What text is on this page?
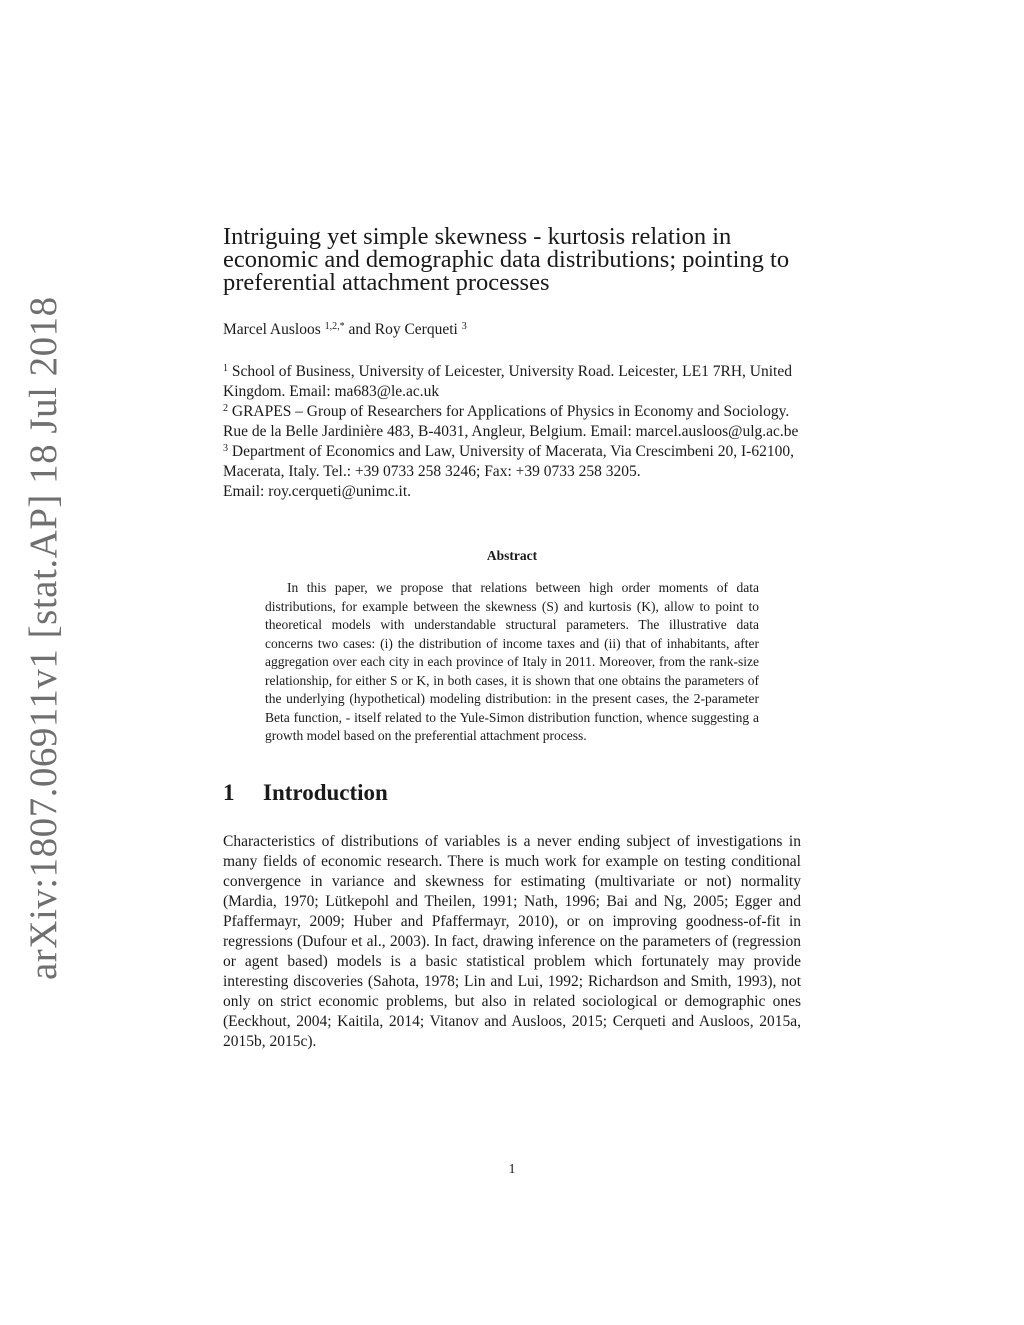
arXiv:1807.06911v1 [stat.AP] 18 Jul 2018
Intriguing yet simple skewness - kurtosis relation in economic and demographic data distributions; pointing to preferential attachment processes
Marcel Ausloos $^{1,2,*}$ and Roy Cerqueti $^3$

$^1$ School of Business, University of Leicester, University Road. Leicester, LE1 7RH, United Kingdom. Email: ma683@le.ac.uk

$^2$ GRAPES – Group of Researchers for Applications of Physics in Economy and Sociology. Rue de la Belle Jardinière 483, B-4031, Angleur, Belgium. Email: marcel.ausloos@ulg.ac.be

$^3$ Department of Economics and Law, University of Macerata, Via Crescimbeni 20, I-62100, Macerata, Italy. Tel.: +39 0733 258 3246; Fax: +39 0733 258 3205.

Email: roy.cerqueti@unimc.it.

Abstract
In this paper, we propose that relations between high order moments of data distributions, for example between the skewness (S) and kurtosis (K), allow to point to theoretical models with understandable structural parameters. The illustrative data concerns two cases: (i) the distribution of income taxes and (ii) that of inhabitants, after aggregation over each city in each province of Italy in 2011. Moreover, from the rank-size relationship, for either S or K, in both cases, it is shown that one obtains the parameters of the underlying (hypothetical) modeling distribution: in the present cases, the 2-parameter Beta function, - itself related to the Yule-Simon distribution function, whence suggesting a growth model based on the preferential attachment process.
1 Introduction
Characteristics of distributions of variables is a never ending subject of investigations in many fields of economic research. There is much work for example on testing conditional convergence in variance and skewness for estimating (multivariate or not) normality (Mardia, 1970; Lütkepohl and Theilen, 1991; Nath, 1996; Bai and Ng, 2005; Egger and Pfaffermayr, 2009; Huber and Pfaffermayr, 2010), or on improving goodness-of-fit in regressions (Dufour et al., 2003). In fact, drawing inference on the parameters of (regression or agent based) models is a basic statistical problem which fortunately may provide interesting discoveries (Sahota, 1978; Lin and Lui, 1992; Richardson and Smith, 1993), not only on strict economic problems, but also in related sociological or demographic ones (Eeckhout, 2004; Kaitila, 2014; Vitanov and Ausloos, 2015; Cerqueti and Ausloos, 2015a, 2015b, 2015c).
1
